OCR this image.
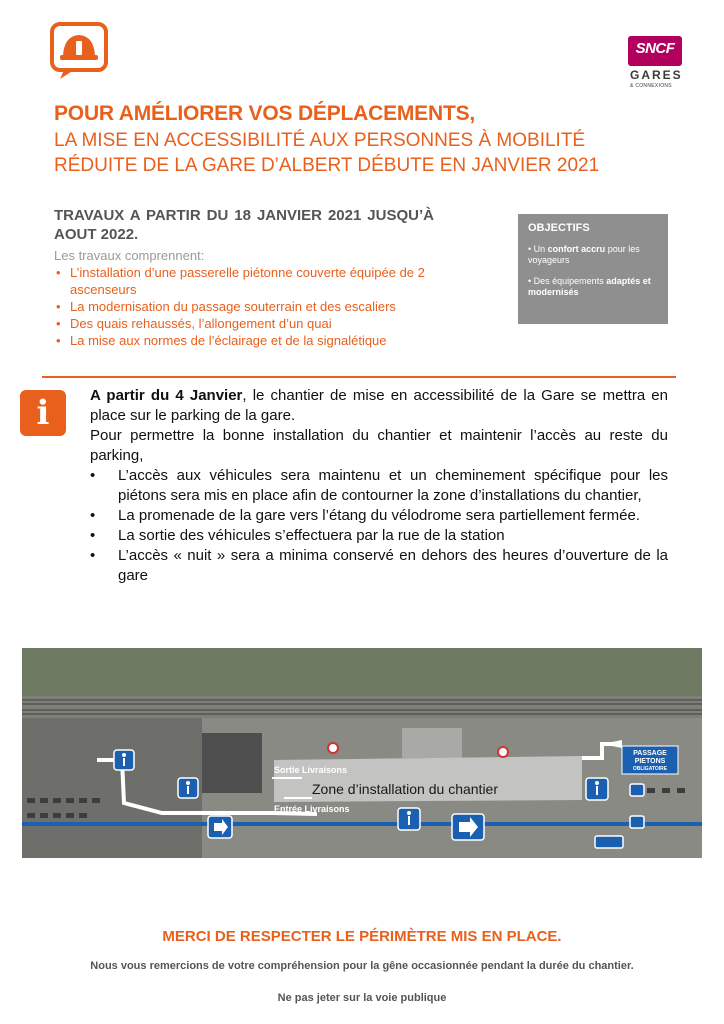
SNCF
GARES
& CONNEXIONS
POUR AMÉLIORER VOS DÉPLACEMENTS,
LA MISE EN ACCESSIBILITÉ AUX PERSONNES À MOBILITÉ
RÉDUITE DE LA GARE D’ALBERT DÉBUTE EN JANVIER 2021
TRAVAUX A PARTIR DU 18 JANVIER 2021 JUSQU’À AOUT 2022.
Les travaux comprennent:
• L’installation d’une passerelle piétonne couverte équipée de 2 ascenseurs
• La modernisation du passage souterrain et des escaliers
• Des quais rehaussés, l’allongement d’un quai
• La mise aux normes de l’éclairage et de la signalétique
OBJECTIFS
• Un confort accru pour les voyageurs
• Des équipements adaptés et modernisés
i	A partir du 4 Janvier, le chantier de mise en accessibilité de la Gare se mettra en place sur le parking de la gare.

Pour permettre la bonne installation du chantier et maintenir l’accès au reste du parking,

• L’accès aux véhicules sera maintenu et un cheminement spécifique pour les piétons sera mis en place afin de contourner la zone d’installations du chantier,
• La promenade de la gare vers l’étang du vélodrome sera partiellement fermée.
• La sortie des véhicules s’effectuera par la rue de la station
• L’accès « nuit » sera a minima conservé en dehors des heures d’ouverture de la gare
PASSAGE
PIETONS
OBLIGATOIRE
Sortie Livraisons
Zone d’installation du chantier
Entrée Livraisons
MERCI DE RESPECTER LE PÉRIMÈTRE MIS EN PLACE.
Nous vous remercions de votre compréhension pour la gêne occasionnée pendant la durée du chantier.
Ne pas jeter sur la voie publique
